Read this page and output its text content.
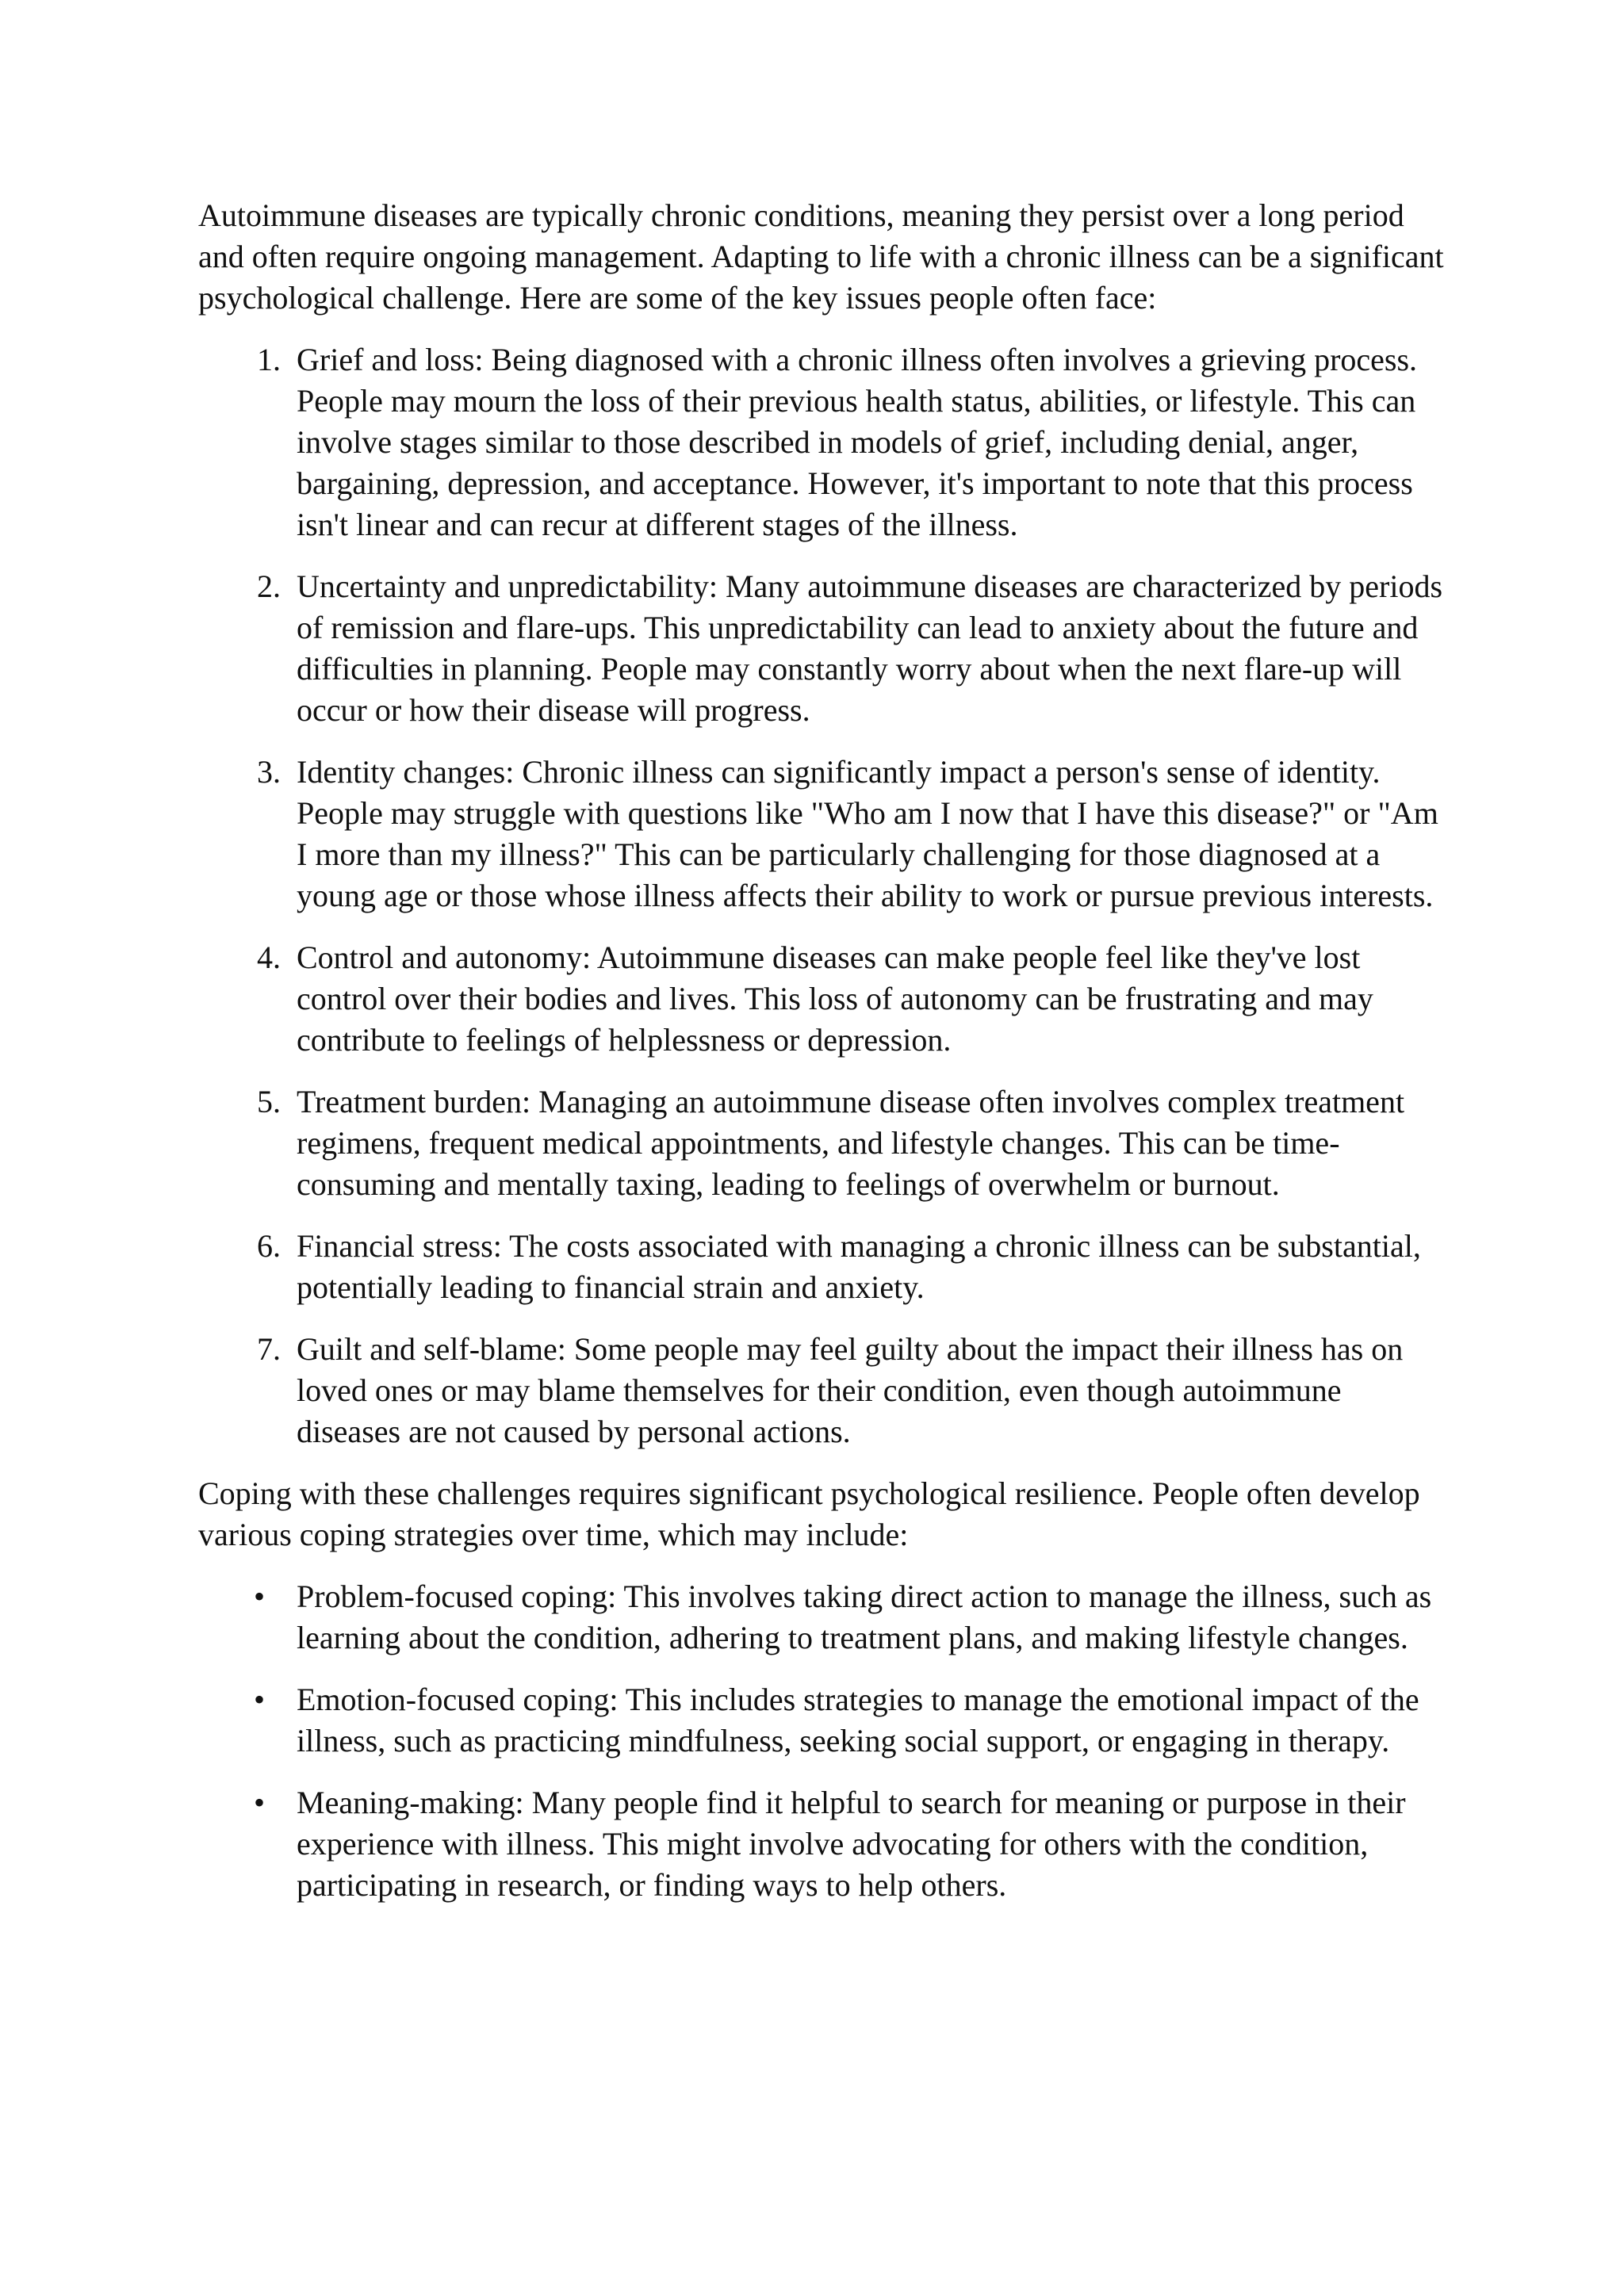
Autoimmune diseases are typically chronic conditions, meaning they persist over a long period and often require ongoing management. Adapting to life with a chronic illness can be a significant psychological challenge. Here are some of the key issues people often face:

1. Grief and loss: Being diagnosed with a chronic illness often involves a grieving process. People may mourn the loss of their previous health status, abilities, or lifestyle. This can involve stages similar to those described in models of grief, including denial, anger, bargaining, depression, and acceptance. However, it's important to note that this process isn't linear and can recur at different stages of the illness.
2. Uncertainty and unpredictability: Many autoimmune diseases are characterized by periods of remission and flare-ups. This unpredictability can lead to anxiety about the future and difficulties in planning. People may constantly worry about when the next flare-up will occur or how their disease will progress.
3. Identity changes: Chronic illness can significantly impact a person's sense of identity. People may struggle with questions like "Who am I now that I have this disease?" or "Am I more than my illness?" This can be particularly challenging for those diagnosed at a young age or those whose illness affects their ability to work or pursue previous interests.
4. Control and autonomy: Autoimmune diseases can make people feel like they've lost control over their bodies and lives. This loss of autonomy can be frustrating and may contribute to feelings of helplessness or depression.
5. Treatment burden: Managing an autoimmune disease often involves complex treatment regimens, frequent medical appointments, and lifestyle changes. This can be time-consuming and mentally taxing, leading to feelings of overwhelm or burnout.
6. Financial stress: The costs associated with managing a chronic illness can be substantial, potentially leading to financial strain and anxiety.
7. Guilt and self-blame: Some people may feel guilty about the impact their illness has on loved ones or may blame themselves for their condition, even though autoimmune diseases are not caused by personal actions.

Coping with these challenges requires significant psychological resilience. People often develop various coping strategies over time, which may include:

• Problem-focused coping: This involves taking direct action to manage the illness, such as learning about the condition, adhering to treatment plans, and making lifestyle changes.
• Emotion-focused coping: This includes strategies to manage the emotional impact of the illness, such as practicing mindfulness, seeking social support, or engaging in therapy.
• Meaning-making: Many people find it helpful to search for meaning or purpose in their experience with illness. This might involve advocating for others with the condition, participating in research, or finding ways to help others.
